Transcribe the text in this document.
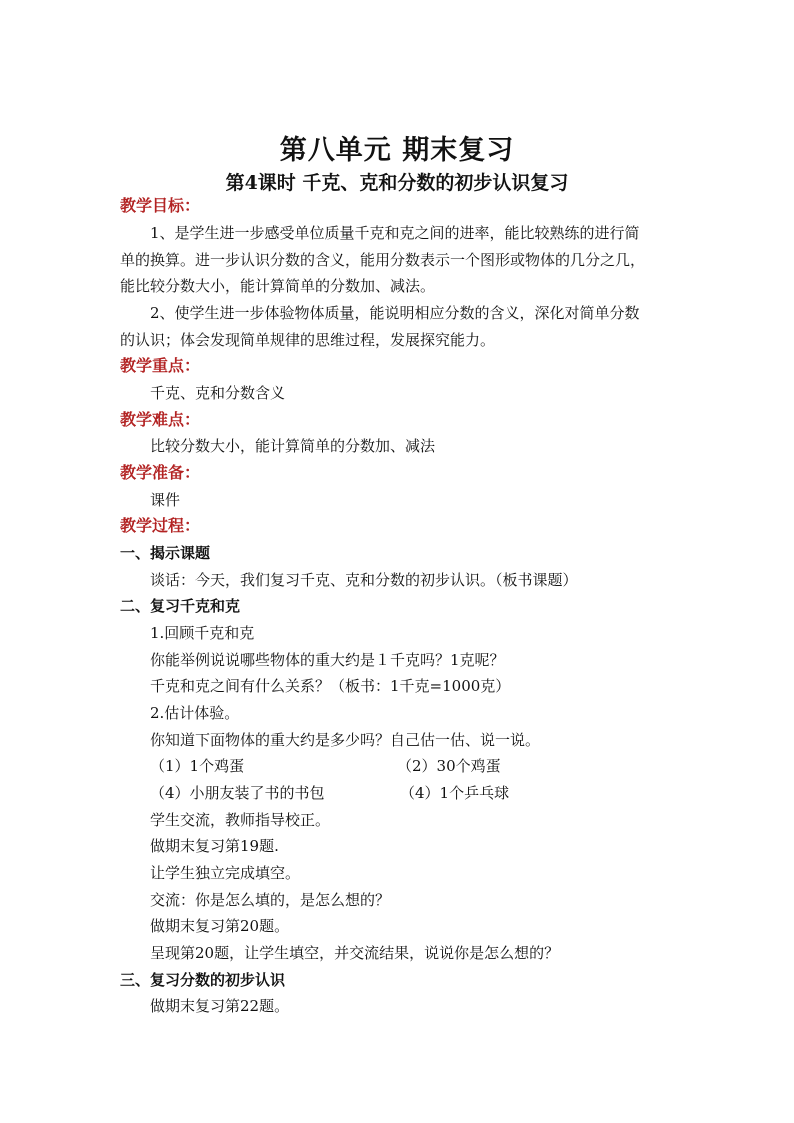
第八单元 期末复习
第4课时 千克、克和分数的初步认识复习
教学目标：
1、是学生进一步感受单位质量千克和克之间的进率，能比较熟练的进行简
单的换算。进一步认识分数的含义，能用分数表示一个图形或物体的几分之几，
能比较分数大小，能计算简单的分数加、减法。
2、使学生进一步体验物体质量，能说明相应分数的含义，深化对简单分数
的认识；体会发现简单规律的思维过程，发展探究能力。
教学重点：
千克、克和分数含义
教学难点：
比较分数大小，能计算简单的分数加、减法
教学准备：
课件
教学过程：
一、揭示课题
谈话：今天，我们复习千克、克和分数的初步认识。（板书课题）
二、复习千克和克
1.回顾千克和克
你能举例说说哪些物体的重大约是１千克吗？1克呢？
千克和克之间有什么关系？（板书：1千克=1000克）
2.估计体验。
你知道下面物体的重大约是多少吗？自己估一估、说一说。
（1）1个鸡蛋	（2）30个鸡蛋
（4）小朋友装了书的书包	（4）1个乒乓球
学生交流，教师指导校正。
做期末复习第19题.
让学生独立完成填空。
交流：你是怎么填的，是怎么想的？
做期末复习第20题。
呈现第20题，让学生填空，并交流结果，说说你是怎么想的？
三、复习分数的初步认识
做期末复习第22题。
